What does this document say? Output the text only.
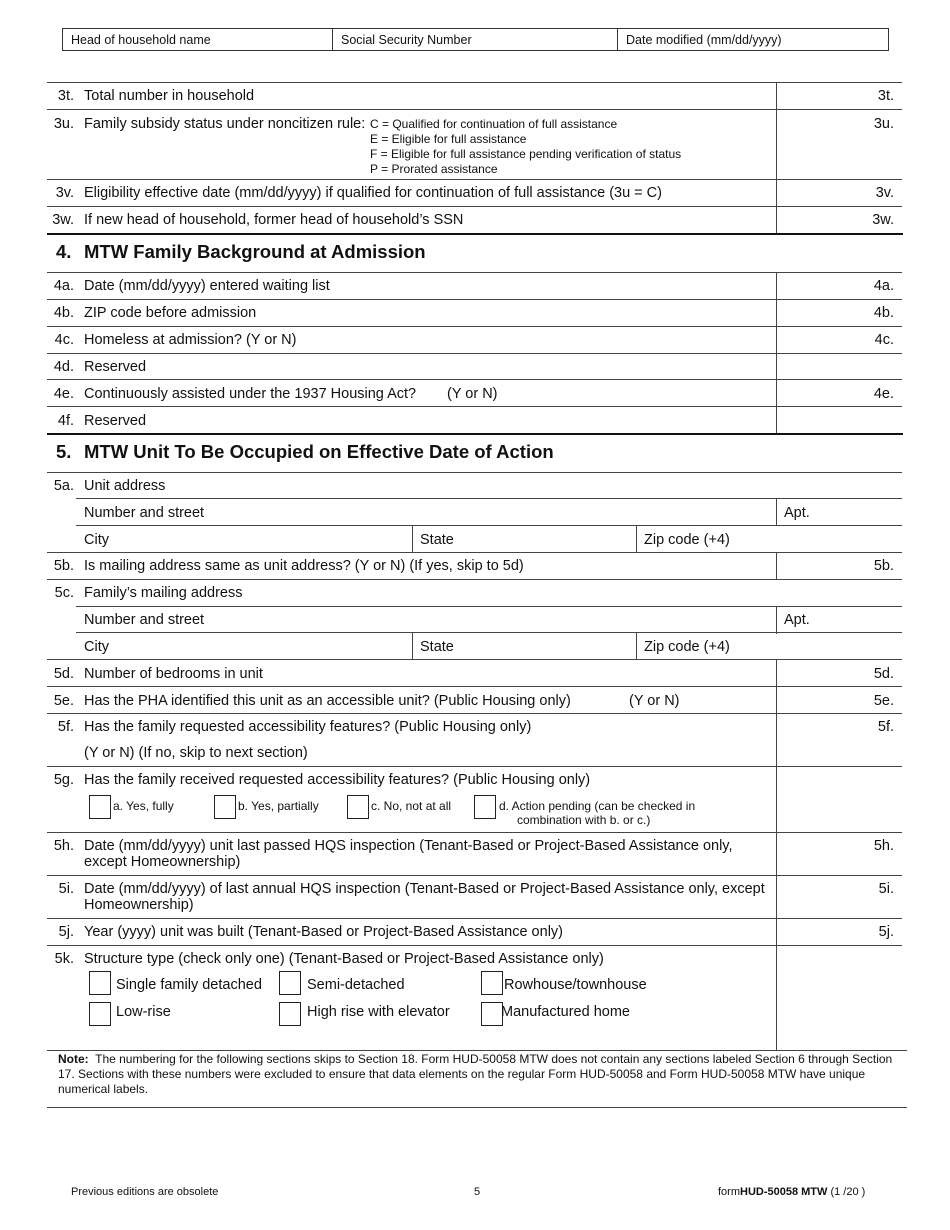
Head of household name	Social Security Number	Date modified (mm/dd/yyyy)
3t. Total number in household	3t.
3u. Family subsidy status under noncitizen rule: C = Qualified for continuation of full assistance
E = Eligible for full assistance
F = Eligible for full assistance pending verification of status
P = Prorated assistance
3u.
3v. Eligibility effective date (mm/dd/yyyy) if qualified for continuation of full assistance (3u = C)	3v.
3w. If new head of household, former head of household’s SSN	3w.
4. MTW Family Background at Admission
4a. Date (mm/dd/yyyy) entered waiting list	4a.
4b. ZIP code before admission	4b.
4c. Homeless at admission? (Y or N)	4c.
4d. Reserved
4e. Continuously assisted under the 1937 Housing Act? (Y or N)	4e.
4f. Reserved
5. MTW Unit To Be Occupied on Effective Date of Action
5a. Unit address
Number and street	Apt.
City	State	Zip code (+4)
5b. Is mailing address same as unit address? (Y or N) (If yes, skip to 5d)	5b.
5c. Family’s mailing address
Number and street	Apt.
City	State	Zip code (+4)
5d. Number of bedrooms in unit	5d.
5e. Has the PHA identified this unit as an accessible unit? (Public Housing only)	(Y or N)	5e.
5f. Has the family requested accessibility features? (Public Housing only)
(Y or N) (If no, skip to next section)
5f.
5g. Has the family received requested accessibility features? (Public Housing only)
a. Yes, fully	b. Yes, partially	c. No, not at all	d. Action pending (can be checked in
combination with b. or c.)
5h. Date (mm/dd/yyyy) unit last passed HQS inspection (Tenant-Based or Project-Based Assistance only,
except Homeownership)
5h.
5i. Date (mm/dd/yyyy) of last annual HQS inspection (Tenant-Based or Project-Based Assistance only, except
Homeownership)
5i.
5j. Year (yyyy) unit was built (Tenant-Based or Project-Based Assistance only)	5j.
5k. Structure type (check only one) (Tenant-Based or Project-Based Assistance only)
Single family detached	Semi-detached	Rowhouse/townhouse
Low-rise	High rise with elevator	Manufactured home
Note: The numbering for the following sections skips to Section 18. Form HUD-50058 MTW does not contain any sections labeled Section 6 through Section
17. Sections with these numbers were excluded to ensure that data elements on the regular Form HUD-50058 and Form HUD-50058 MTW have unique
numerical labels.
Previous editions are obsolete	5	formHUD-50058 MTW (1 /20 )
